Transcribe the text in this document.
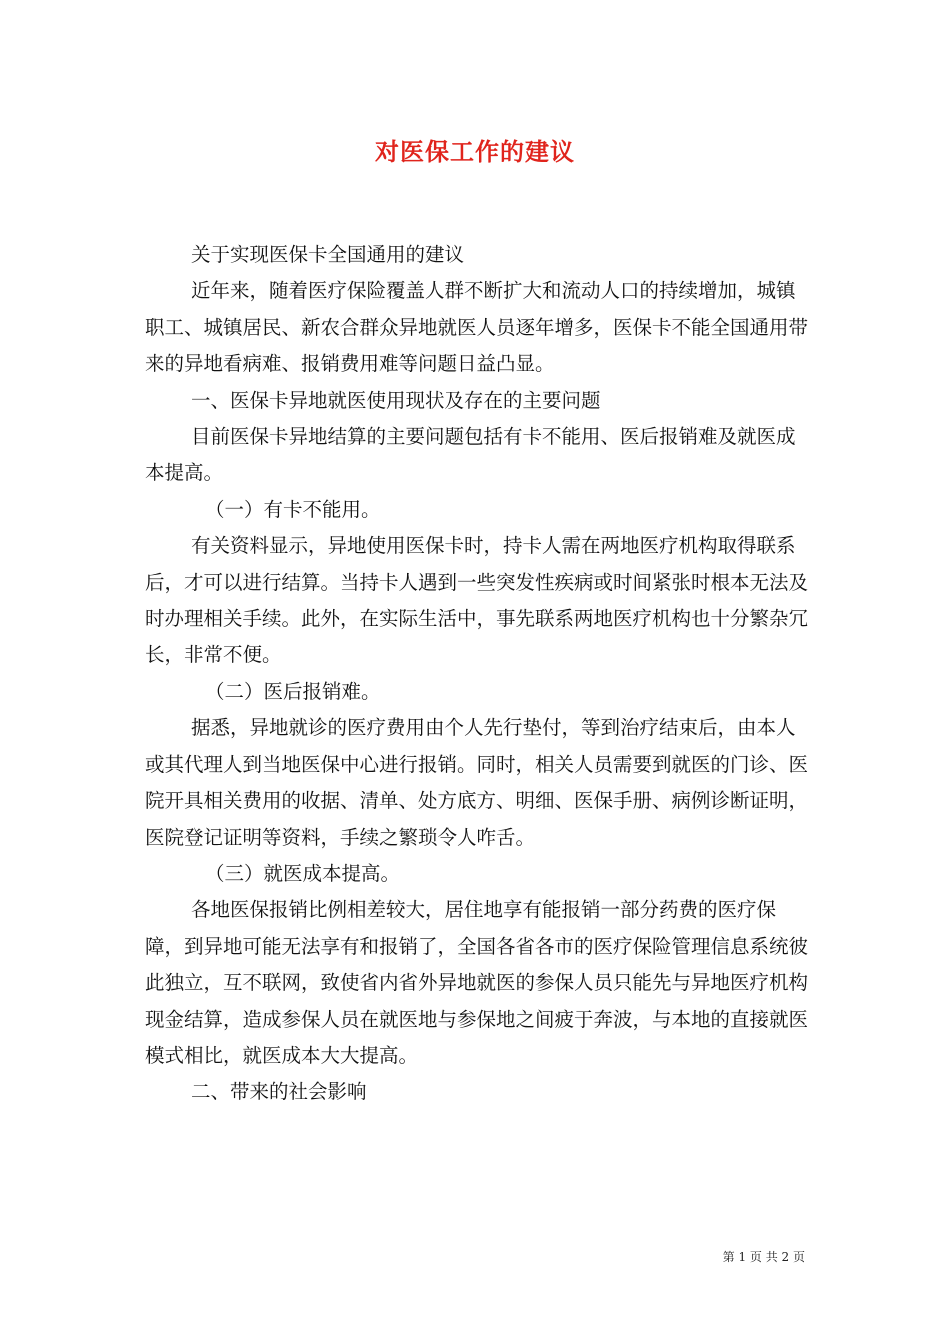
对医保工作的建议

关于实现医保卡全国通用的建议

近年来，随着医疗保险覆盖人群不断扩大和流动人口的持续增加，城镇职工、城镇居民、新农合群众异地就医人员逐年增多，医保卡不能全国通用带来的异地看病难、报销费用难等问题日益凸显。

一、医保卡异地就医使用现状及存在的主要问题

目前医保卡异地结算的主要问题包括有卡不能用、医后报销难及就医成本提高。

（一）有卡不能用。

有关资料显示，异地使用医保卡时，持卡人需在两地医疗机构取得联系后，才可以进行结算。当持卡人遇到一些突发性疾病或时间紧张时根本无法及时办理相关手续。此外，在实际生活中，事先联系两地医疗机构也十分繁杂冗长，非常不便。

（二）医后报销难。

据悉，异地就诊的医疗费用由个人先行垫付，等到治疗结束后，由本人或其代理人到当地医保中心进行报销。同时，相关人员需要到就医的门诊、医院开具相关费用的收据、清单、处方底方、明细、医保手册、病例诊断证明，医院登记证明等资料，手续之繁琐令人咋舌。

（三）就医成本提高。

各地医保报销比例相差较大，居住地享有能报销一部分药费的医疗保障，到异地可能无法享有和报销了，全国各省各市的医疗保险管理信息系统彼此独立，互不联网，致使省内省外异地就医的参保人员只能先与异地医疗机构现金结算，造成参保人员在就医地与参保地之间疲于奔波，与本地的直接就医模式相比，就医成本大大提高。

二、带来的社会影响

第 1 页 共 2 页
